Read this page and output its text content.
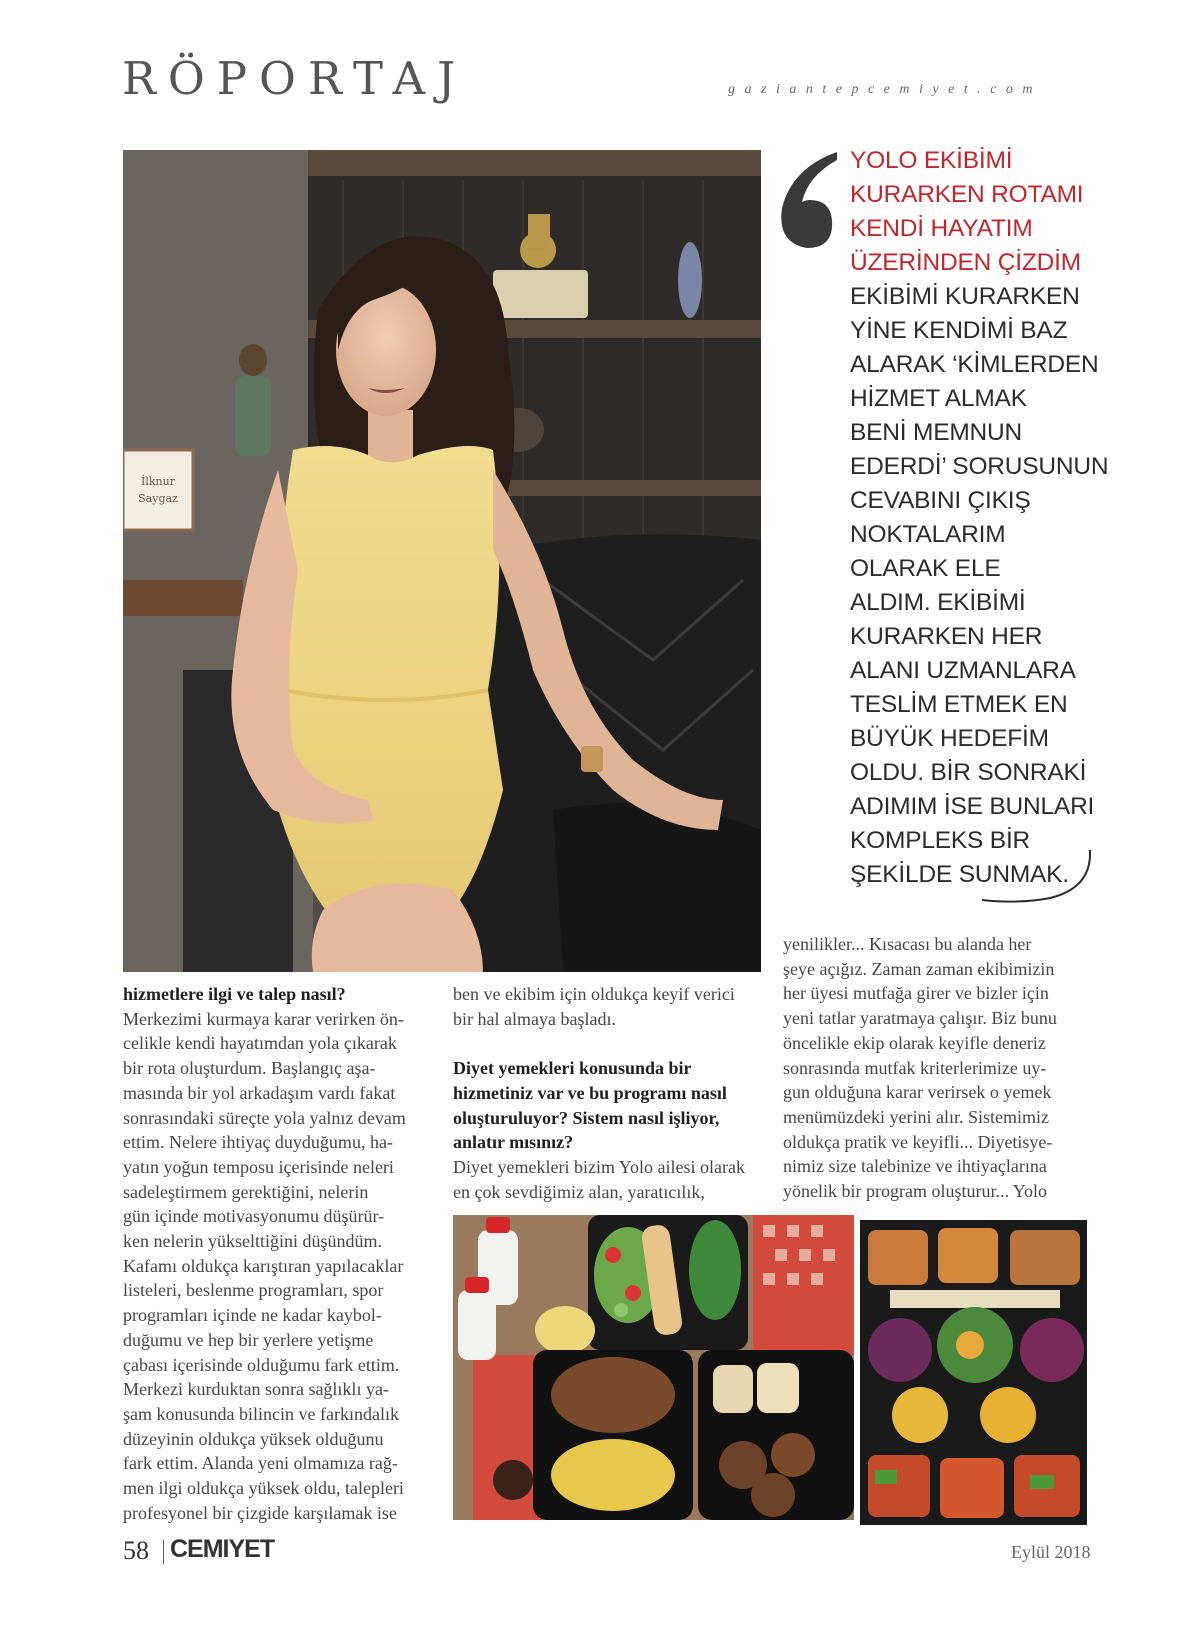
RÖPORTAJ	gaziantepcemiyet.com
İlknur
Saygaz
YOLO EKİBİMİ
KURARKEN ROTAMI
KENDİ HAYATIM
ÜZERİNDEN ÇİZDİM
EKİBİMİ KURARKEN
YİNE KENDİMİ BAZ
ALARAK ‘KİMLERDEN
HİZMET ALMAK
BENİ MEMNUN
EDERDİ’ SORUSUNUN
CEVABINI ÇIKIŞ
NOKTALARIM
OLARAK ELE
ALDIM. EKİBİMİ
KURARKEN HER
ALANI UZMANLARA
TESLİM ETMEK EN
BÜYÜK HEDEFİM
OLDU. BİR SONRAKİ
ADIMIM İSE BUNLARI
KOMPLEKS BİR
ŞEKİLDE SUNMAK.
hizmetlere ilgi ve talep nasıl?
Merkezimi kurmaya karar verirken ön-
celikle kendi hayatımdan yola çıkarak
bir rota oluşturdum. Başlangıç aşa-
masında bir yol arkadaşım vardı fakat
sonrasındaki süreçte yola yalnız devam
ettim. Nelere ihtiyaç duyduğumu, ha-
yatın yoğun temposu içerisinde neleri
sadeleştirmem gerektiğini, nelerin
gün içinde motivasyonumu düşürür-
ken nelerin yükselttiğini düşündüm.
Kafamı oldukça karıştıran yapılacaklar
listeleri, beslenme programları, spor
programları içinde ne kadar kaybol-
duğumu ve hep bir yerlere yetişme
çabası içerisinde olduğumu fark ettim.
Merkezi kurduktan sonra sağlıklı ya-
şam konusunda bilincin ve farkındalık
düzeyinin oldukça yüksek olduğunu
fark ettim. Alanda yeni olmamıza rağ-
men ilgi oldukça yüksek oldu, talepleri
profesyonel bir çizgide karşılamak ise
ben ve ekibim için oldukça keyif verici
bir hal almaya başladı.
Diyet yemekleri konusunda bir
hizmetiniz var ve bu programı nasıl
oluşturuluyor? Sistem nasıl işliyor,
anlatır mısınız?
Diyet yemekleri bizim Yolo ailesi olarak
en çok sevdiğimiz alan, yaratıcılık,
yenilikler... Kısacası bu alanda her
şeye açığız. Zaman zaman ekibimizin
her üyesi mutfağa girer ve bizler için
yeni tatlar yaratmaya çalışır. Biz bunu
öncelikle ekip olarak keyifle deneriz
sonrasında mutfak kriterlerimize uy-
gun olduğuna karar verirsek o yemek
menümüzdeki yerini alır. Sistemimiz
oldukça pratik ve keyifli... Diyetisye-
nimiz size talebinize ve ihtiyaçlarına
yönelik bir program oluşturur... Yolo
58 CEMIYET	Eylül 2018
